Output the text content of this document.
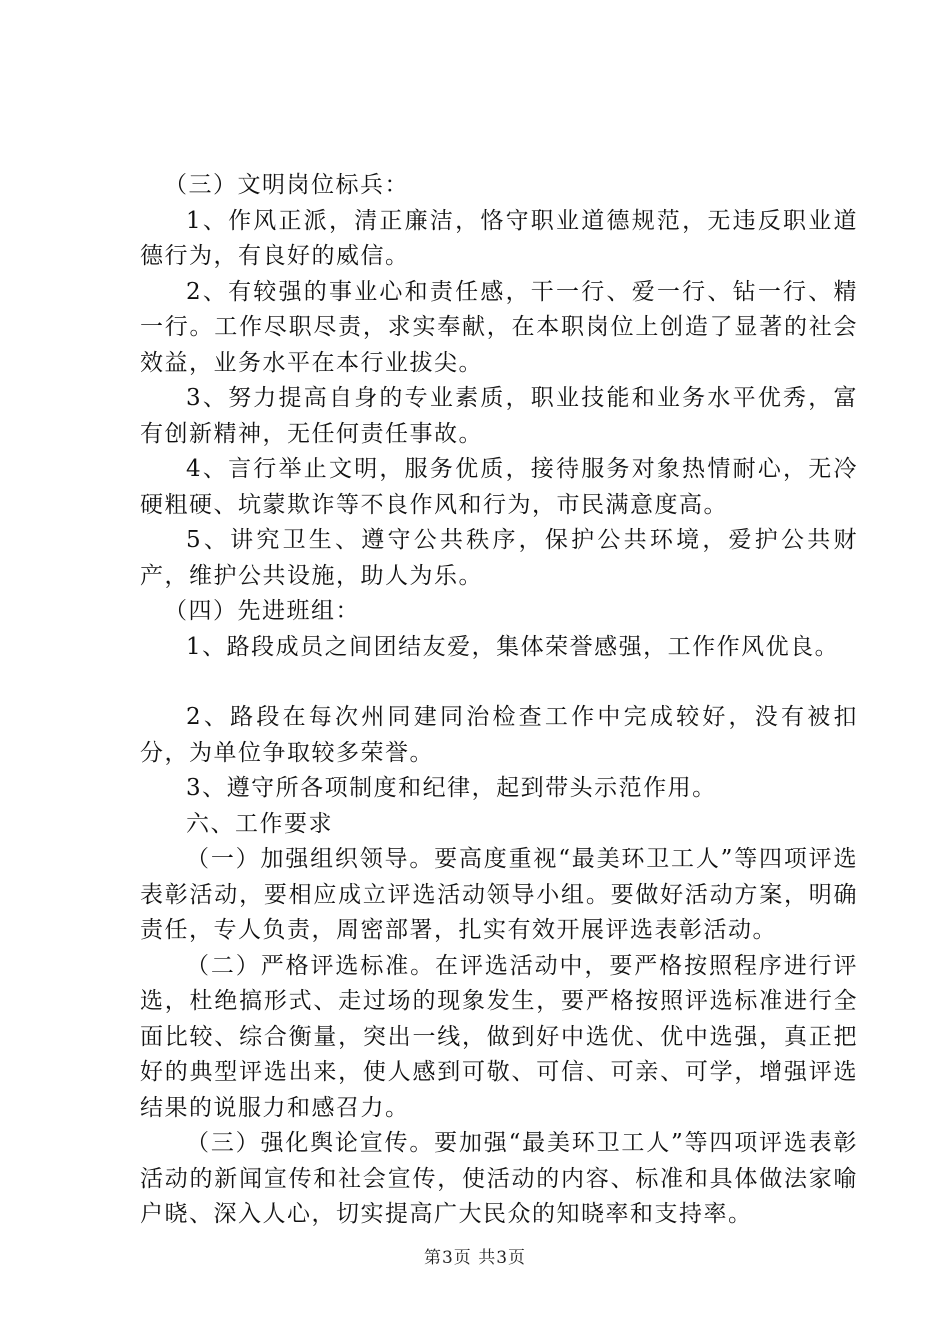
（三）文明岗位标兵：

1、作风正派，清正廉洁，恪守职业道德规范，无违反职业道德行为，有良好的威信。

2、有较强的事业心和责任感，干一行、爱一行、钻一行、精一行。工作尽职尽责，求实奉献，在本职岗位上创造了显著的社会效益，业务水平在本行业拔尖。

3、努力提高自身的专业素质，职业技能和业务水平优秀，富有创新精神，无任何责任事故。

4、言行举止文明，服务优质，接待服务对象热情耐心，无冷硬粗硬、坑蒙欺诈等不良作风和行为，市民满意度高。

5、讲究卫生、遵守公共秩序，保护公共环境，爱护公共财产，维护公共设施，助人为乐。

（四）先进班组：

1、路段成员之间团结友爱，集体荣誉感强，工作作风优良。

2、路段在每次州同建同治检查工作中完成较好，没有被扣分，为单位争取较多荣誉。

3、遵守所各项制度和纪律，起到带头示范作用。

六、工作要求

（一）加强组织领导。要高度重视“最美环卫工人”等四项评选表彰活动，要相应成立评选活动领导小组。要做好活动方案，明确责任，专人负责，周密部署，扎实有效开展评选表彰活动。

（二）严格评选标准。在评选活动中，要严格按照程序进行评选，杜绝搞形式、走过场的现象发生，要严格按照评选标准进行全面比较、综合衡量，突出一线，做到好中选优、优中选强，真正把好的典型评选出来，使人感到可敬、可信、可亲、可学，增强评选结果的说服力和感召力。

（三）强化舆论宣传。要加强“最美环卫工人”等四项评选表彰活动的新闻宣传和社会宣传，使活动的内容、标准和具体做法家喻户晓、深入人心，切实提高广大民众的知晓率和支持率。

第3页 共3页
